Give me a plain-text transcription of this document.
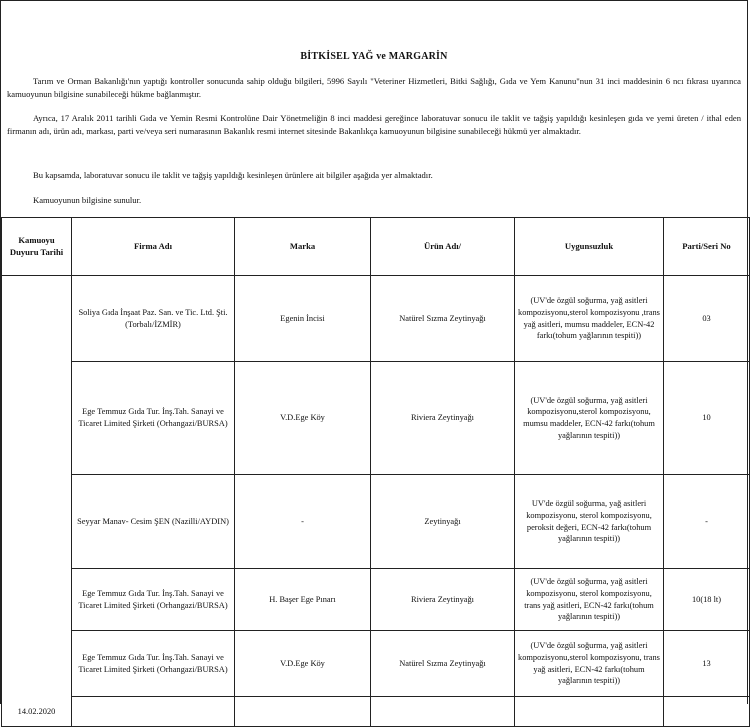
BİTKİSEL YAĞ ve MARGARİN
Tarım ve Orman Bakanlığı'nın yaptığı kontroller sonucunda sahip olduğu bilgileri, 5996 Sayılı "Veteriner Hizmetleri, Bitki Sağlığı, Gıda ve Yem Kanunu"nun 31 inci maddesinin 6 ncı fıkrası uyarınca kamuoyunun bilgisine sunabileceği hükme bağlanmıştır.
Ayrıca, 17 Aralık 2011 tarihli Gıda ve Yemin Resmi Kontrolüne Dair Yönetmeliğin 8 inci maddesi gereğince laboratuvar sonucu ile taklit ve tağşiş yapıldığı kesinleşen gıda ve yemi üreten / ithal eden firmanın adı, ürün adı, markası, parti ve/veya seri numarasının Bakanlık resmi internet sitesinde Bakanlıkça kamuoyunun bilgisine sunabileceği hükmü yer almaktadır.
Bu kapsamda, laboratuvar sonucu ile taklit ve tağşiş yapıldığı kesinleşen ürünlere ait bilgiler aşağıda yer almaktadır.
Kamuoyunun bilgisine sunulur.
Kamuoyu Duyuru Tarihi	Firma Adı	Marka	Ürün Adı/	Uygunsuzluk	Parti/Seri No
14.02.2020	Soliya Gıda İnşaat Paz. San. ve Tic. Ltd. Şti.(Torbalı/İZMİR)	Egenin İncisi	Natürel Sızma Zeytinyağı	(UV'de özgül soğurma, yağ asitleri kompozisyonu,sterol kompozisyonu ,trans yağ asitleri, mumsu maddeler, ECN-42 farkı(tohum yağlarının tespiti))	03
	Ege Temmuz Gıda Tur. İnş.Tah. Sanayi ve Ticaret Limited Şirketi (Orhangazi/BURSA)	V.D.Ege Köy	Riviera Zeytinyağı	(UV'de özgül soğurma, yağ asitleri kompozisyonu,sterol kompozisyonu, mumsu maddeler, ECN-42 farkı(tohum yağlarının tespiti))	10
	Seyyar Manav- Cesim ŞEN (Nazilli/AYDIN)	-	Zeytinyağı	UV'de özgül soğurma, yağ asitleri kompozisyonu, sterol kompozisyonu, peroksit değeri, ECN-42 farkı(tohum yağlarının tespiti))	-
	Ege Temmuz Gıda Tur. İnş.Tah. Sanayi ve Ticaret Limited Şirketi (Orhangazi/BURSA)	H. Başer Ege Pınarı	Riviera Zeytinyağı	(UV'de özgül soğurma, yağ asitleri kompozisyonu, sterol kompozisyonu, trans yağ asitleri, ECN-42 farkı(tohum yağlarının tespiti))	10(18 lt)
	Ege Temmuz Gıda Tur. İnş.Tah. Sanayi ve Ticaret Limited Şirketi (Orhangazi/BURSA)	V.D.Ege Köy	Natürel Sızma Zeytinyağı	(UV'de özgül soğurma, yağ asitleri kompozisyonu,sterol kompozisyonu, trans yağ asitleri, ECN-42 farkı(tohum yağlarının tespiti))	13
